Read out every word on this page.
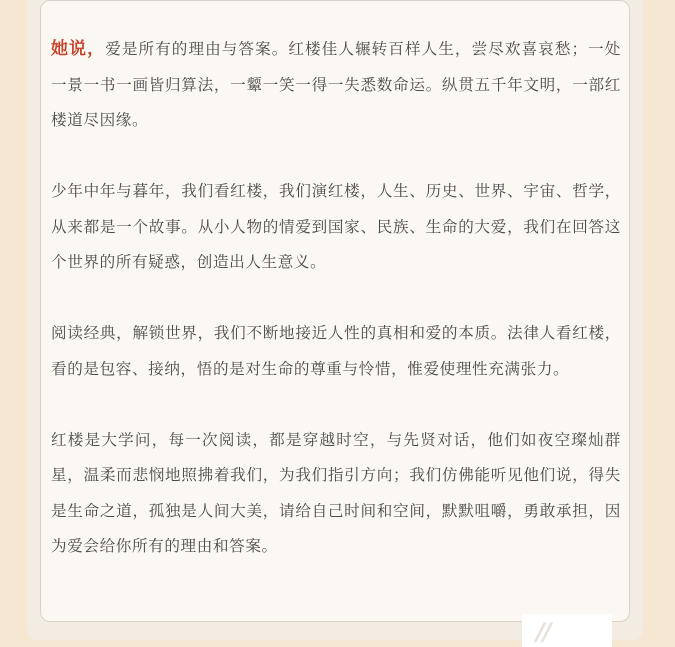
//

她说，爱是所有的理由与答案。红楼佳人辗转百样人生，尝尽欢喜哀愁；一处一景一书一画皆归算法，一颦一笑一得一失悉数命运。纵贯五千年文明，一部红楼道尽因缘。

少年中年与暮年，我们看红楼，我们演红楼，人生、历史、世界、宇宙、哲学，从来都是一个故事。从小人物的情爱到国家、民族、生命的大爱，我们在回答这个世界的所有疑惑，创造出人生意义。

阅读经典，解锁世界，我们不断地接近人性的真相和爱的本质。法律人看红楼，看的是包容、接纳，悟的是对生命的尊重与怜惜，惟爱使理性充满张力。

红楼是大学问，每一次阅读，都是穿越时空，与先贤对话，他们如夜空璨灿群星，温柔而悲悯地照拂着我们，为我们指引方向；我们仿佛能听见他们说，得失是生命之道，孤独是人间大美，请给自己时间和空间，默默咀嚼，勇敢承担，因为爱会给你所有的理由和答案。
